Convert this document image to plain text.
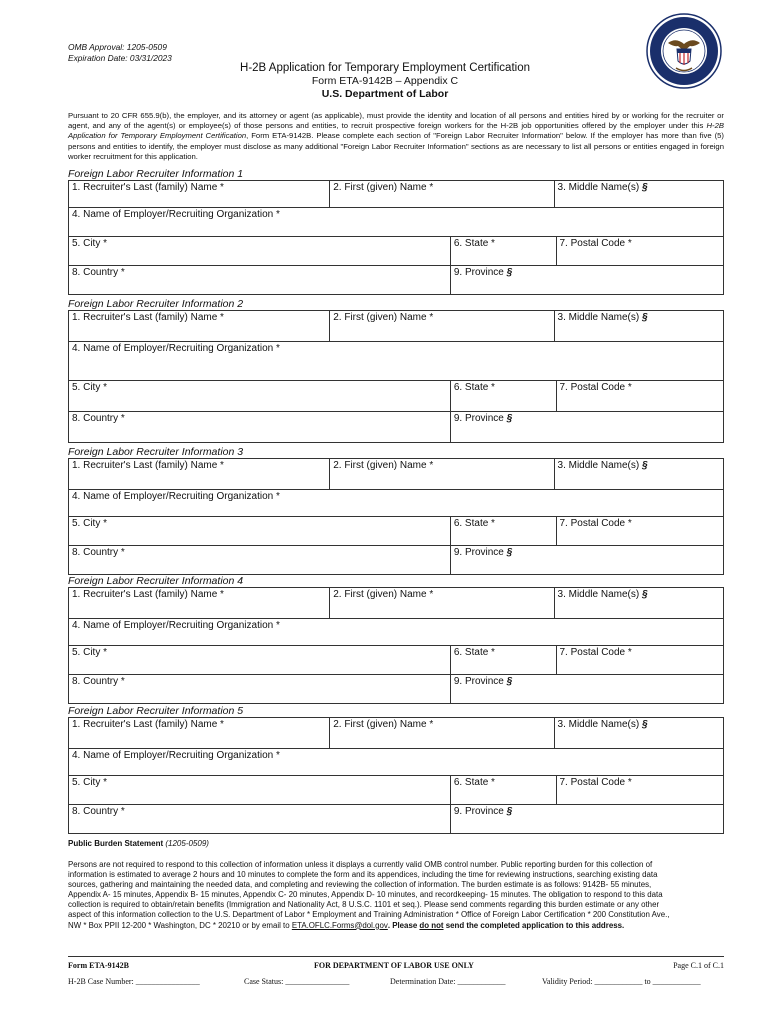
OMB Approval: 1205-0509
Expiration Date: 03/31/2023
H-2B Application for Temporary Employment Certification
Form ETA-9142B – Appendix C
U.S. Department of Labor
Pursuant to 20 CFR 655.9(b), the employer, and its attorney or agent (as applicable), must provide the identity and location of all persons and entities hired by or working for the recruiter or agent, and any of the agent(s) or employee(s) of those persons and entities, to recruit prospective foreign workers for the H-2B job opportunities offered by the employer under this H-2B Application for Temporary Employment Certification, Form ETA-9142B. Please complete each section of "Foreign Labor Recruiter Information" below. If the employer has more than five (5) persons and entities to identify, the employer must disclose as many additional "Foreign Labor Recruiter Information" sections as are necessary to list all persons or entities engaged in foreign worker recruitment for this application.
Foreign Labor Recruiter Information 1
1. Recruiter's Last (family) Name *	2. First (given) Name *	3. Middle Name(s) §
4. Name of Employer/Recruiting Organization *
5. City *	6. State *	7. Postal Code *
8. Country *	9. Province §
Foreign Labor Recruiter Information 2
1. Recruiter's Last (family) Name *	2. First (given) Name *	3. Middle Name(s) §
4. Name of Employer/Recruiting Organization *
5. City *	6. State *	7. Postal Code *
8. Country *	9. Province §
Foreign Labor Recruiter Information 3
1. Recruiter's Last (family) Name *	2. First (given) Name *	3. Middle Name(s) §
4. Name of Employer/Recruiting Organization *
5. City *	6. State *	7. Postal Code *
8. Country *	9. Province §
Foreign Labor Recruiter Information 4
1. Recruiter's Last (family) Name *	2. First (given) Name *	3. Middle Name(s) §
4. Name of Employer/Recruiting Organization *
5. City *	6. State *	7. Postal Code *
8. Country *	9. Province §
Foreign Labor Recruiter Information 5
1. Recruiter's Last (family) Name *	2. First (given) Name *	3. Middle Name(s) §
4. Name of Employer/Recruiting Organization *
5. City *	6. State *	7. Postal Code *
8. Country *	9. Province §
Public Burden Statement (1205-0509)
Persons are not required to respond to this collection of information unless it displays a currently valid OMB control number. Public reporting burden for this collection of information is estimated to average 2 hours and 10 minutes to complete the form and its appendices, including the time for reviewing instructions, searching existing data sources, gathering and maintaining the needed data, and completing and reviewing the collection of information. The burden estimate is as follows: 9142B- 55 minutes, Appendix A- 15 minutes, Appendix B- 15 minutes, Appendix C- 20 minutes, Appendix D- 10 minutes, and recordkeeping- 15 minutes. The obligation to respond to this data collection is required to obtain/retain benefits (Immigration and Nationality Act, 8 U.S.C. 1101 et seq.). Please send comments regarding this burden estimate or any other aspect of this information collection to the U.S. Department of Labor * Employment and Training Administration * Office of Foreign Labor Certification * 200 Constitution Ave., NW * Box PPII 12-200 * Washington, DC * 20210 or by email to ETA.OFLC.Forms@dol.gov. Please do not send the completed application to this address.
Form ETA-9142B	FOR DEPARTMENT OF LABOR USE ONLY	Page C.1 of C.1
H-2B Case Number: ________________	Case Status: ________________	Determination Date: ____________	Validity Period: ____________ to ____________
